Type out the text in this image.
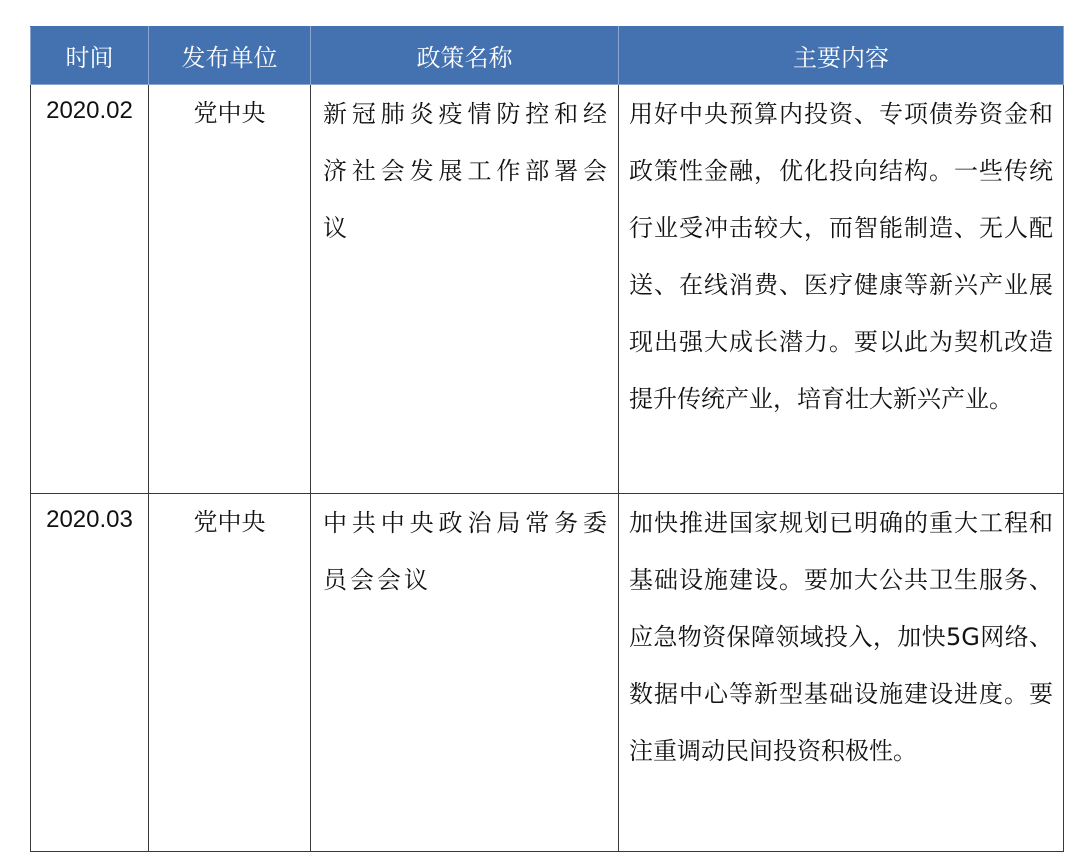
时间	发布单位	政策名称	主要内容
2020.02	党中央	新冠肺炎疫情防控和经济社会发展工作部署会议	用好中央预算内投资、专项债券资金和政策性金融，优化投向结构。一些传统行业受冲击较大，而智能制造、无人配送、在线消费、医疗健康等新兴产业展现出强大成长潜力。要以此为契机改造提升传统产业，培育壮大新兴产业。
2020.03	党中央	中共中央政治局常务委员会会议	加快推进国家规划已明确的重大工程和基础设施建设。要加大公共卫生服务、应急物资保障领域投入，加快5G网络、数据中心等新型基础设施建设进度。要注重调动民间投资积极性。
